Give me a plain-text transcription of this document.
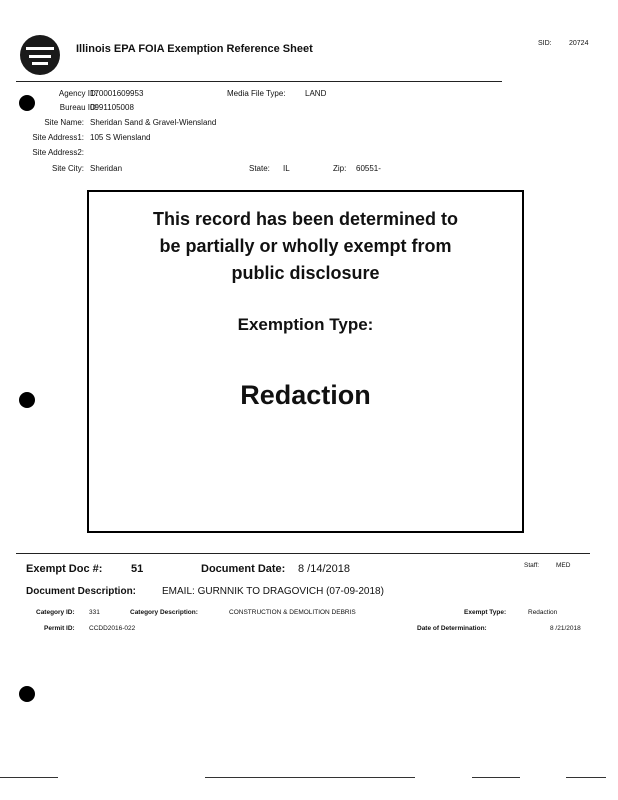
Illinois EPA FOIA Exemption Reference Sheet	SID: 20724
Agency ID:
170001609953	Media File Type: LAND
Bureau ID:
0991105008
Site Name: Sheridan Sand & Gravel-Wiensland
Site Address1: 105 S Wiensland
Site Address2:
Site City: Sheridan	State: IL	Zip: 60551-
This record has been determined to
be partially or wholly exempt from
public disclosure
Exemption Type:
Redaction
Exempt Doc #:	51	Document Date: 8 /14/2018	Staff:	MED
Document Description:	EMAIL: GURNNIK TO DRAGOVICH (07-09-2018)
Category ID: 331	Category Description:	CONSTRUCTION & DEMOLITION DEBRIS	Exempt Type:	Redaction
Permit ID: CCDD2016-022	Date of Determination:	8 /21/2018
